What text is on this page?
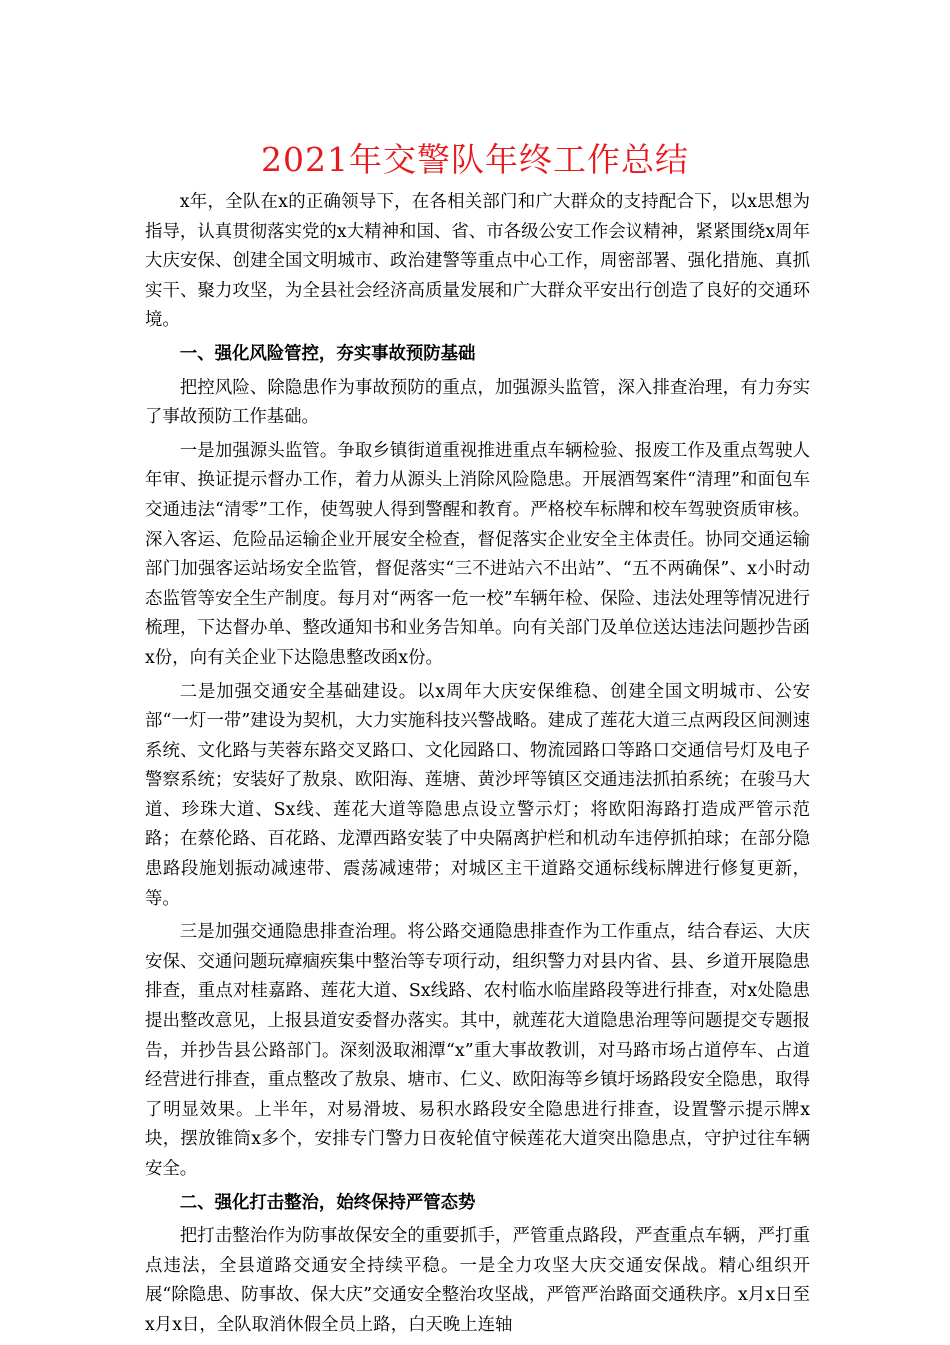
2021年交警队年终工作总结

x年，全队在x的正确领导下，在各相关部门和广大群众的支持配合下，以x思想为指导，认真贯彻落实党的x大精神和国、省、市各级公安工作会议精神，紧紧围绕x周年大庆安保、创建全国文明城市、政治建警等重点中心工作，周密部署、强化措施、真抓实干、聚力攻坚，为全县社会经济高质量发展和广大群众平安出行创造了良好的交通环境。

一、强化风险管控，夯实事故预防基础

把控风险、除隐患作为事故预防的重点，加强源头监管，深入排查治理，有力夯实了事故预防工作基础。

一是加强源头监管。争取乡镇街道重视推进重点车辆检验、报废工作及重点驾驶人年审、换证提示督办工作，着力从源头上消除风险隐患。开展酒驾案件“清理”和面包车交通违法“清零”工作，使驾驶人得到警醒和教育。严格校车标牌和校车驾驶资质审核。深入客运、危险品运输企业开展安全检查，督促落实企业安全主体责任。协同交通运输部门加强客运站场安全监管，督促落实“三不进站六不出站”、“五不两确保”、x小时动态监管等安全生产制度。每月对“两客一危一校”车辆年检、保险、违法处理等情况进行梳理，下达督办单、整改通知书和业务告知单。向有关部门及单位送达违法问题抄告函x份，向有关企业下达隐患整改函x份。

二是加强交通安全基础建设。以x周年大庆安保维稳、创建全国文明城市、公安部“一灯一带”建设为契机，大力实施科技兴警战略。建成了莲花大道三点两段区间测速系统、文化路与芙蓉东路交叉路口、文化园路口、物流园路口等路口交通信号灯及电子警察系统；安装好了敖泉、欧阳海、莲塘、黄沙坪等镇区交通违法抓拍系统；在骏马大道、珍珠大道、Sx线、莲花大道等隐患点设立警示灯；将欧阳海路打造成严管示范路；在蔡伦路、百花路、龙潭西路安装了中央隔离护栏和机动车违停抓拍球；在部分隐患路段施划振动减速带、震荡减速带；对城区主干道路交通标线标牌进行修复更新，等。

三是加强交通隐患排查治理。将公路交通隐患排查作为工作重点，结合春运、大庆安保、交通问题玩瘴痼疾集中整治等专项行动，组织警力对县内省、县、乡道开展隐患排查，重点对桂嘉路、莲花大道、Sx线路、农村临水临崖路段等进行排查，对x处隐患提出整改意见，上报县道安委督办落实。其中，就莲花大道隐患治理等问题提交专题报告，并抄告县公路部门。深刻汲取湘潭“x”重大事故教训，对马路市场占道停车、占道经营进行排查，重点整改了敖泉、塘市、仁义、欧阳海等乡镇圩场路段安全隐患，取得了明显效果。上半年，对易滑坡、易积水路段安全隐患进行排查，设置警示提示牌x块，摆放锥筒x多个，安排专门警力日夜轮值守候莲花大道突出隐患点，守护过往车辆安全。

二、强化打击整治，始终保持严管态势

把打击整治作为防事故保安全的重要抓手，严管重点路段，严查重点车辆，严打重点违法，全县道路交通安全持续平稳。一是全力攻坚大庆交通安保战。精心组织开展“除隐患、防事故、保大庆”交通安全整治攻坚战，严管严治路面交通秩序。x月x日至x月x日，全队取消休假全员上路，白天晚上连轴
